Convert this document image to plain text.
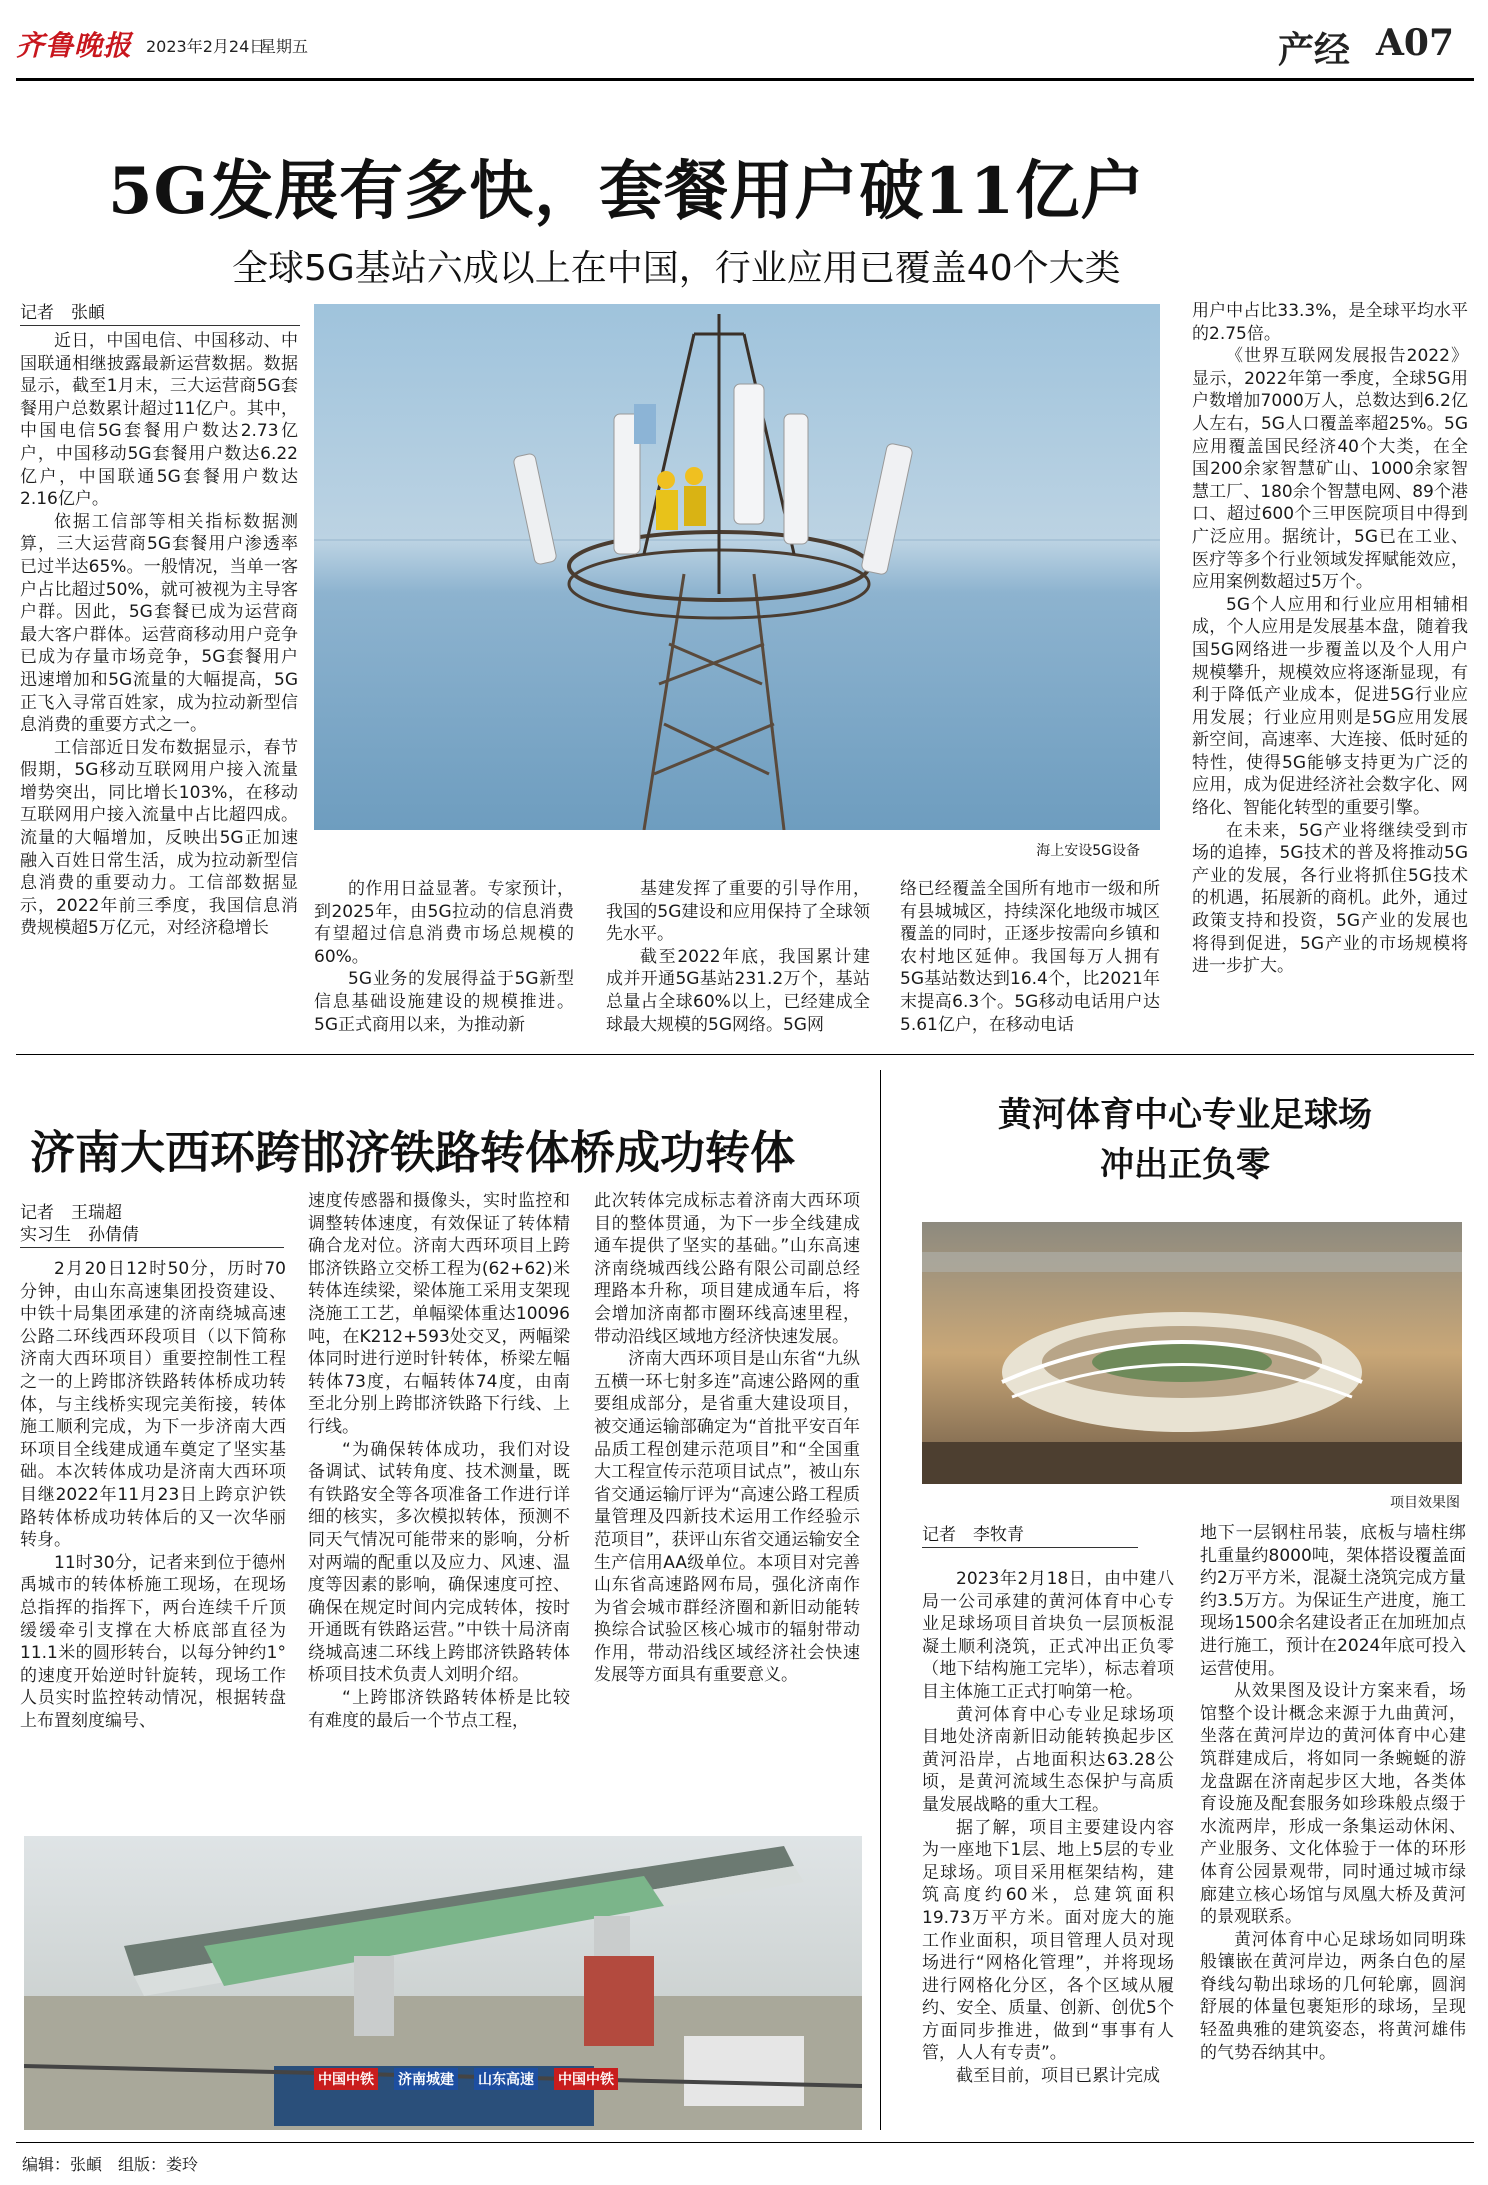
齐鲁晚报 2023年2月24日
星期五	产经 A07
5G发展有多快，套餐用户破11亿户
全球5G基站六成以上在中国，行业应用已覆盖40个大类
记者　张頔
海上安设5G设备

近日，中国电信、中国移动、中国联通相继披露最新运营数据。数据显示，截至1月末，三大运营商5G套餐用户总数累计超过11亿户。其中，中国电信5G套餐用户数达2.73亿户，中国移动5G套餐用户数达6.22亿户，中国联通5G套餐用户数达2.16亿户。

依据工信部等相关指标数据测算，三大运营商5G套餐用户渗透率已过半达65%。一般情况，当单一客户占比超过50%，就可被视为主导客户群。因此，5G套餐已成为运营商最大客户群体。运营商移动用户竞争已成为存量市场竞争，5G套餐用户迅速增加和5G流量的大幅提高，5G正飞入寻常百姓家，成为拉动新型信息消费的重要方式之一。

工信部近日发布数据显示，春节假期，5G移动互联网用户接入流量增势突出，同比增长103%，在移动互联网用户接入流量中占比超四成。流量的大幅增加，反映出5G正加速融入百姓日常生活，成为拉动新型信息消费的重要动力。工信部数据显示，2022年前三季度，我国信息消费规模超5万亿元，对经济稳增长

的作用日益显著。专家预计，到2025年，由5G拉动的信息消费有望超过信息消费市场总规模的60%。

5G业务的发展得益于5G新型信息基础设施建设的规模推进。5G正式商用以来，为推动新

基建发挥了重要的引导作用，我国的5G建设和应用保持了全球领先水平。

截至2022年底，我国累计建成并开通5G基站231.2万个，基站总量占全球60%以上，已经建成全球最大规模的5G网络。5G网

络已经覆盖全国所有地市一级和所有县城城区，持续深化地级市城区覆盖的同时，正逐步按需向乡镇和农村地区延伸。我国每万人拥有5G基站数达到16.4个，比2021年末提高6.3个。5G移动电话用户达5.61亿户，在移动电话

用户中占比33.3%，是全球平均水平的2.75倍。

《世界互联网发展报告2022》显示，2022年第一季度，全球5G用户数增加7000万人，总数达到6.2亿人左右，5G人口覆盖率超25%。5G应用覆盖国民经济40个大类，在全国200余家智慧矿山、1000余家智慧工厂、180余个智慧电网、89个港口、超过600个三甲医院项目中得到广泛应用。据统计，5G已在工业、医疗等多个行业领域发挥赋能效应，应用案例数超过5万个。

5G个人应用和行业应用相辅相成，个人应用是发展基本盘，随着我国5G网络进一步覆盖以及个人用户规模攀升，规模效应将逐渐显现，有利于降低产业成本，促进5G行业应用发展；行业应用则是5G应用发展新空间，高速率、大连接、低时延的特性，使得5G能够支持更为广泛的应用，成为促进经济社会数字化、网络化、智能化转型的重要引擎。

在未来，5G产业将继续受到市场的追捧，5G技术的普及将推动5G产业的发展，各行业将抓住5G技术的机遇，拓展新的商机。此外，通过政策支持和投资，5G产业的发展也将得到促进，5G产业的市场规模将进一步扩大。

济南大西环跨邯济铁路转体桥成功转体
记者　王瑞超
实习生　孙倩倩

2月20日12时50分，历时70分钟，由山东高速集团投资建设、中铁十局集团承建的济南绕城高速公路二环线西环段项目（以下简称济南大西环项目）重要控制性工程之一的上跨邯济铁路转体桥成功转体，与主线桥实现完美衔接，转体施工顺利完成，为下一步济南大西环项目全线建成通车奠定了坚实基础。本次转体成功是济南大西环项目继2022年11月23日上跨京沪铁路转体桥成功转体后的又一次华丽转身。

11时30分，记者来到位于德州禹城市的转体桥施工现场，在现场总指挥的指挥下，两台连续千斤顶缓缓牵引支撑在大桥底部直径为11.1米的圆形转台，以每分钟约1°的速度开始逆时针旋转，现场工作人员实时监控转动情况，根据转盘上布置刻度编号、

速度传感器和摄像头，实时监控和调整转体速度，有效保证了转体精确合龙对位。济南大西环项目上跨邯济铁路立交桥工程为(62+62)米转体连续梁，梁体施工采用支架现浇施工工艺，单幅梁体重达10096吨，在K212+593处交叉，两幅梁体同时进行逆时针转体，桥梁左幅转体73度，右幅转体74度，由南至北分别上跨邯济铁路下行线、上行线。

“为确保转体成功，我们对设备调试、试转角度、技术测量，既有铁路安全等各项准备工作进行详细的核实，多次模拟转体，预测不同天气情况可能带来的影响，分析对两端的配重以及应力、风速、温度等因素的影响，确保速度可控、确保在规定时间内完成转体，按时开通既有铁路运营。”中铁十局济南绕城高速二环线上跨邯济铁路转体桥项目技术负责人刘明介绍。

“上跨邯济铁路转体桥是比较有难度的最后一个节点工程，

此次转体完成标志着济南大西环项目的整体贯通，为下一步全线建成通车提供了坚实的基础。”山东高速济南绕城西线公路有限公司副总经理路本升称，项目建成通车后，将会增加济南都市圈环线高速里程，带动沿线区域地方经济快速发展。

济南大西环项目是山东省“九纵五横一环七射多连”高速公路网的重要组成部分，是省重大建设项目，被交通运输部确定为“首批平安百年品质工程创建示范项目”和“全国重大工程宣传示范项目试点”，被山东省交通运输厅评为“高速公路工程质量管理及四新技术运用工作经验示范项目”，获评山东省交通运输安全生产信用AA级单位。本项目对完善山东省高速路网布局，强化济南作为省会城市群经济圈和新旧动能转换综合试验区核心城市的辐射带动作用，带动沿线区域经济社会快速发展等方面具有重要意义。

中国中铁 济南城建 山东高速 中国中铁
黄河体育中心专业足球场
冲出正负零
项目效果图
记者　李牧青

2023年2月18日，由中建八局一公司承建的黄河体育中心专业足球场项目首块负一层顶板混凝土顺利浇筑，正式冲出正负零（地下结构施工完毕），标志着项目主体施工正式打响第一枪。

黄河体育中心专业足球场项目地处济南新旧动能转换起步区黄河沿岸，占地面积达63.28公顷，是黄河流域生态保护与高质量发展战略的重大工程。

据了解，项目主要建设内容为一座地下1层、地上5层的专业足球场。项目采用框架结构，建筑高度约60米，总建筑面积19.73万平方米。面对庞大的施工作业面积，项目管理人员对现场进行“网格化管理”，并将现场进行网格化分区，各个区域从履约、安全、质量、创新、创优5个方面同步推进，做到“事事有人管，人人有专责”。

截至目前，项目已累计完成

地下一层钢柱吊装，底板与墙柱绑扎重量约8000吨，架体搭设覆盖面约2万平方米，混凝土浇筑完成方量约3.5万方。为保证生产进度，施工现场1500余名建设者正在加班加点进行施工，预计在2024年底可投入运营使用。

从效果图及设计方案来看，场馆整个设计概念来源于九曲黄河，坐落在黄河岸边的黄河体育中心建筑群建成后，将如同一条蜿蜒的游龙盘踞在济南起步区大地，各类体育设施及配套服务如珍珠般点缀于水流两岸，形成一条集运动休闲、产业服务、文化体验于一体的环形体育公园景观带，同时通过城市绿廊建立核心场馆与凤凰大桥及黄河的景观联系。

黄河体育中心足球场如同明珠般镶嵌在黄河岸边，两条白色的屋脊线勾勒出球场的几何轮廓，圆润舒展的体量包裹矩形的球场，呈现轻盈典雅的建筑姿态，将黄河雄伟的气势吞纳其中。

编辑：张頔　组版：娄玲
